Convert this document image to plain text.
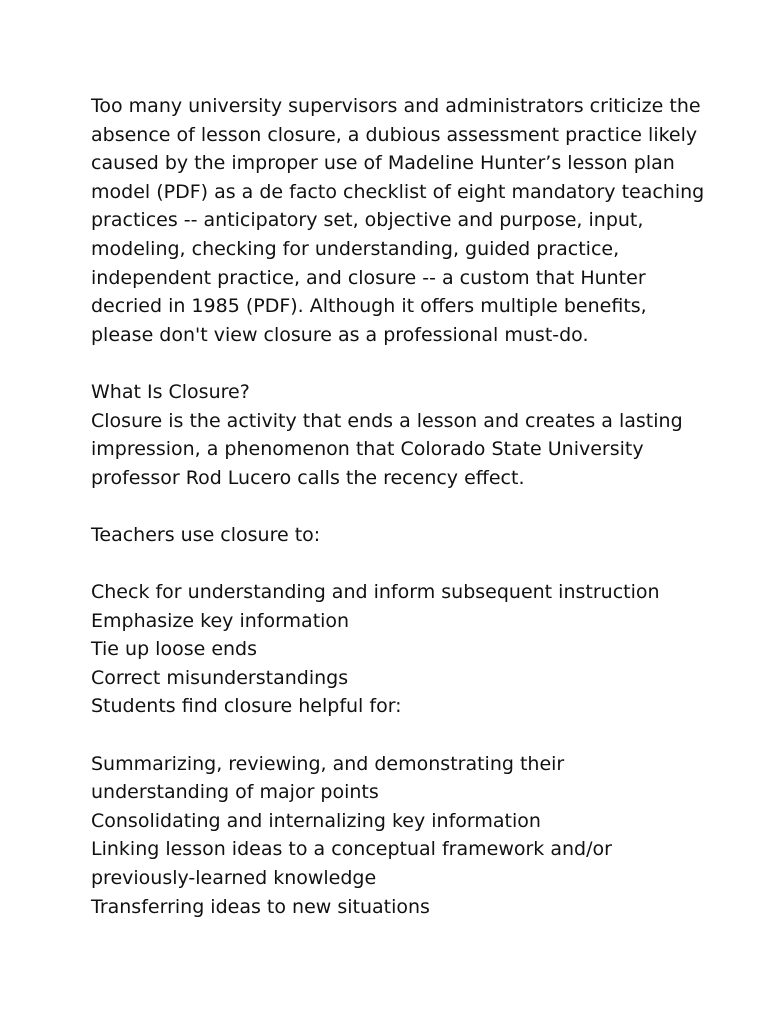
Too many university supervisors and administrators criticize the
absence of lesson closure, a dubious assessment practice likely
caused by the improper use of Madeline Hunter’s lesson plan
model (PDF) as a de facto checklist of eight mandatory teaching
practices -- anticipatory set, objective and purpose, input,
modeling, checking for understanding, guided practice,
independent practice, and closure -- a custom that Hunter
decried in 1985 (PDF). Although it offers multiple benefits,
please don't view closure as a professional must-do.
What Is Closure?
Closure is the activity that ends a lesson and creates a lasting
impression, a phenomenon that Colorado State University
professor Rod Lucero calls the recency effect.
Teachers use closure to:
Check for understanding and inform subsequent instruction
Emphasize key information
Tie up loose ends
Correct misunderstandings
Students find closure helpful for:
Summarizing, reviewing, and demonstrating their
understanding of major points
Consolidating and internalizing key information
Linking lesson ideas to a conceptual framework and/or
previously-learned knowledge
Transferring ideas to new situations
